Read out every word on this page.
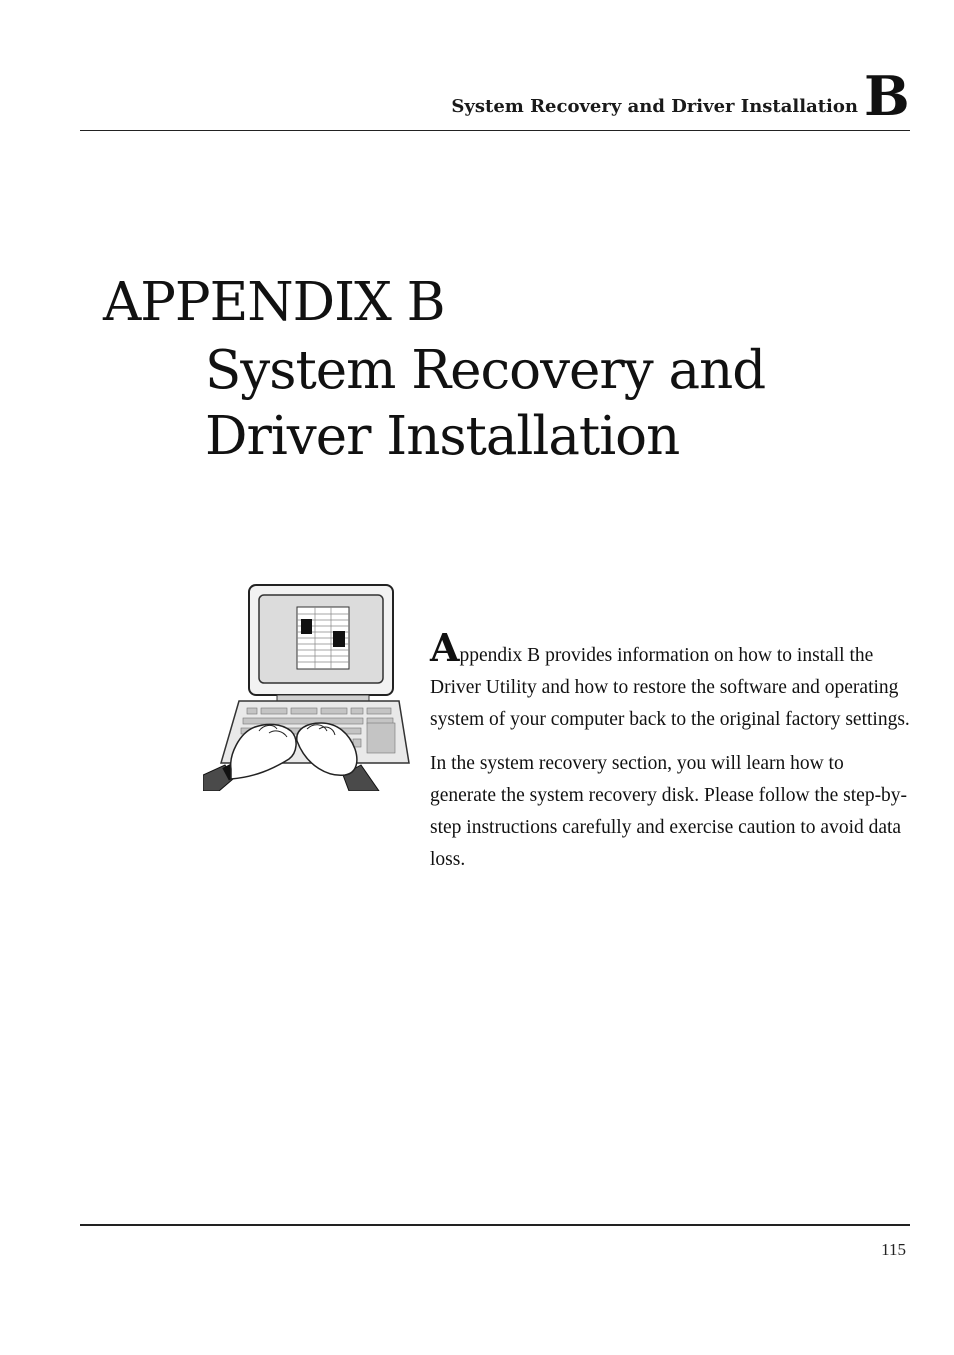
System Recovery and Driver Installation B
APPENDIX B
System Recovery and
Driver Installation

Appendix B provides information on how to install the Driver Utility and how to restore the software and operating system of your computer back to the original factory settings.

In the system recovery section, you will learn how to generate the system recovery disk. Please follow the step-by-step instructions carefully and exercise caution to avoid data loss.

115
